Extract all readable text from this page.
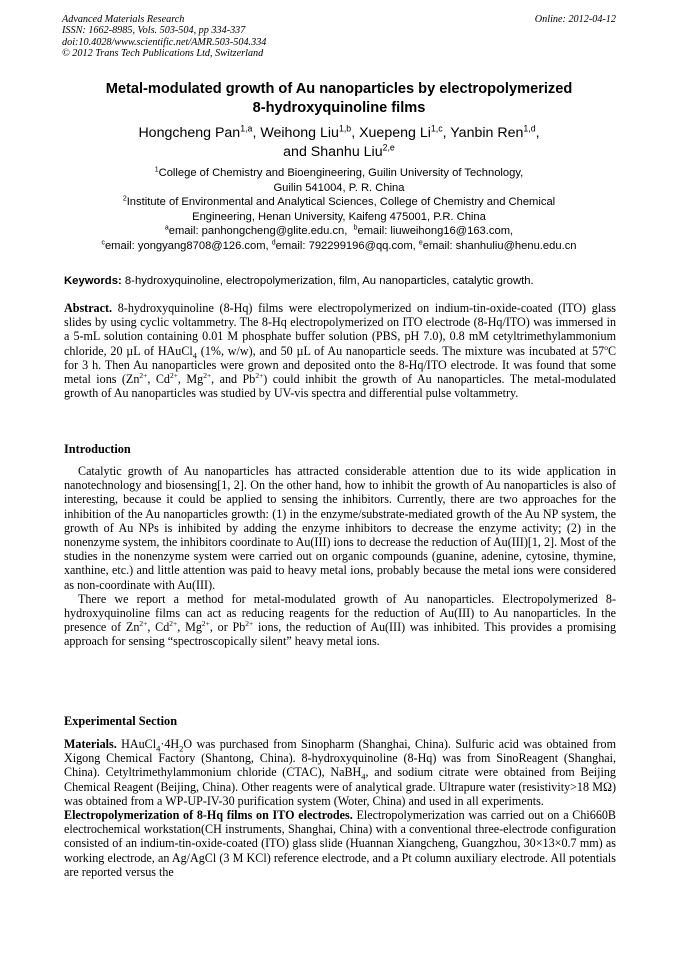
Advanced Materials Research
ISSN: 1662-8985, Vols. 503-504, pp 334-337
doi:10.4028/www.scientific.net/AMR.503-504.334
© 2012 Trans Tech Publications Ltd, Switzerland
Online: 2012-04-12
Metal-modulated growth of Au nanoparticles by electropolymerized
8-hydroxyquinoline films
Hongcheng Pan$^{1,a}$, Weihong Liu$^{1,b}$, Xuepeng Li$^{1,c}$, Yanbin Ren$^{1,d}$,
and Shanhu Liu$^{2,e}$
$^1$College of Chemistry and Bioengineering, Guilin University of Technology,
Guilin 541004, P. R. China
$^2$Institute of Environmental and Analytical Sciences, College of Chemistry and Chemical
Engineering, Henan University, Kaifeng 475001, P.R. China
$^a$email: panhongcheng@glite.edu.cn, $^b$email: liuweihong16@163.com,
$^c$email: yongyang8708@126.com, $^d$email: 792299196@qq.com, $^e$email: shanhuliu@henu.edu.cn
Keywords: 8-hydroxyquinoline, electropolymerization, film, Au nanoparticles, catalytic growth.

Abstract. 8-hydroxyquinoline (8-Hq) films were electropolymerized on indium-tin-oxide-coated (ITO) glass slides by using cyclic voltammetry. The 8-Hq electropolymerized on ITO electrode (8-Hq/ITO) was immersed in a 5-mL solution containing 0.01 M phosphate buffer solution (PBS, pH 7.0), 0.8 mM cetyltrimethylammonium chloride, 20 µL of HAuCl$_4$ (1%, w/w), and 50 µL of Au nanoparticle seeds. The mixture was incubated at 57$^o$C for 3 h. Then Au nanoparticles were grown and deposited onto the 8-Hq/ITO electrode. It was found that some metal ions ($Zn^{2+}$, $Cd^{2+}$, $Mg^{2+}$, and $Pb^{2+}$) could inhibit the growth of Au nanoparticles. The metal-modulated growth of Au nanoparticles was studied by UV-vis spectra and differential pulse voltammetry.

Introduction

Catalytic growth of Au nanoparticles has attracted considerable attention due to its wide application in nanotechnology and biosensing[1, 2]. On the other hand, how to inhibit the growth of Au nanoparticles is also of interesting, because it could be applied to sensing the inhibitors. Currently, there are two approaches for the inhibition of the Au nanoparticles growth: (1) in the enzyme/substrate-mediated growth of the Au NP system, the growth of Au NPs is inhibited by adding the enzyme inhibitors to decrease the enzyme activity; (2) in the nonenzyme system, the inhibitors coordinate to Au(III) ions to decrease the reduction of Au(III)[1, 2]. Most of the studies in the nonenzyme system were carried out on organic compounds (guanine, adenine, cytosine, thymine, xanthine, etc.) and little attention was paid to heavy metal ions, probably because the metal ions were considered as non-coordinate with Au(III).

There we report a method for metal-modulated growth of Au nanoparticles. Electropolymerized 8-hydroxyquinoline films can act as reducing reagents for the reduction of Au(III) to Au nanoparticles. In the presence of $Zn^{2+}$, $Cd^{2+}$, $Mg^{2+}$, or $Pb^{2+}$ ions, the reduction of Au(III) was inhibited. This provides a promising approach for sensing “spectroscopically silent” heavy metal ions.

Experimental Section

Materials. $HAuCl_4\cdot 4H_2O$ was purchased from Sinopharm (Shanghai, China). Sulfuric acid was obtained from Xigong Chemical Factory (Shantong, China). 8-hydroxyquinoline (8-Hq) was from SinoReagent (Shanghai, China). Cetyltrimethylammonium chloride (CTAC), NaBH$_4$, and sodium citrate were obtained from Beijing Chemical Reagent (Beijing, China). Other reagents were of analytical grade. Ultrapure water (resistivity>18 MΩ) was obtained from a WP-UP-IV-30 purification system (Woter, China) and used in all experiments.

Electropolymerization of 8-Hq films on ITO electrodes. Electropolymerization was carried out on a Chi660B electrochemical workstation(CH instruments, Shanghai, China) with a conventional three-electrode configuration consisted of an indium-tin-oxide-coated (ITO) glass slide (Huannan Xiangcheng, Guangzhou, 30×13×0.7 mm) as working electrode, an Ag/AgCl (3 M KCl) reference electrode, and a Pt column auxiliary electrode. All potentials are reported versus the
